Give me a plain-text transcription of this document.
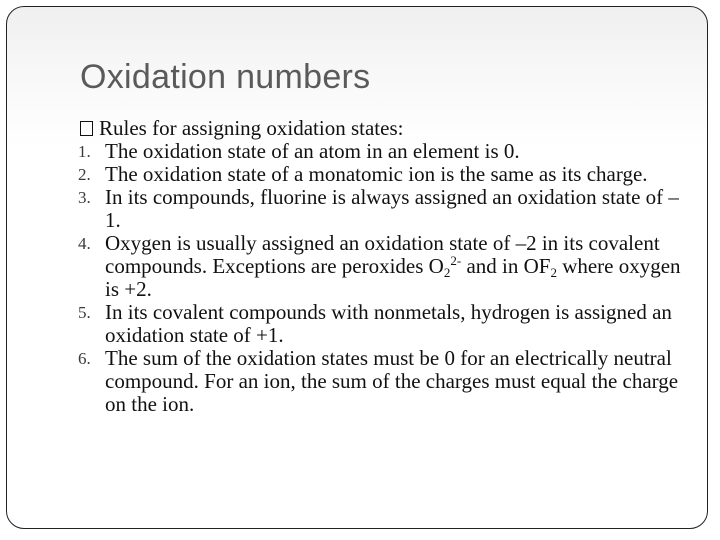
Oxidation numbers
Rules for assigning oxidation states:
1. The oxidation state of an atom in an element is 0.
2. The oxidation state of a monatomic ion is the same as its charge.
3. In its compounds, fluorine is always assigned an oxidation state of –1.
4. Oxygen is usually assigned an oxidation state of –2 in its covalent compounds. Exceptions are peroxides $O_2^{2-}$ and in $OF_2$ where oxygen is +2.
5. In its covalent compounds with nonmetals, hydrogen is assigned an oxidation state of +1.
6. The sum of the oxidation states must be 0 for an electrically neutral compound. For an ion, the sum of the charges must equal the charge on the ion.
